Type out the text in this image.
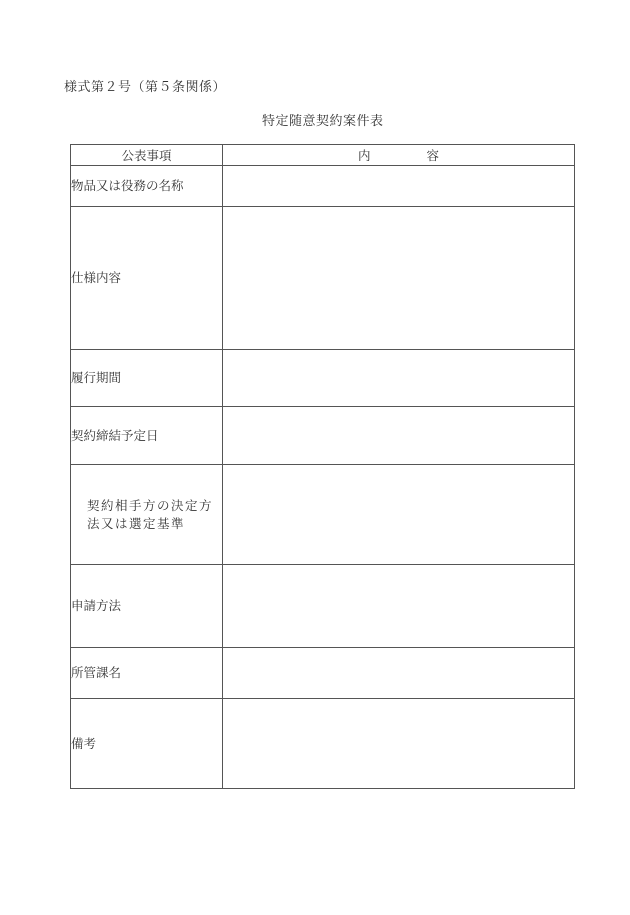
様式第２号（第５条関係）
特定随意契約案件表
公表事項	内 容
物品又は役務の名称	
仕様内容	
履行期間	
契約締結予定日	

契約相手方の決定方
法又は選定基準	

申請方法	
所管課名	
備考	
